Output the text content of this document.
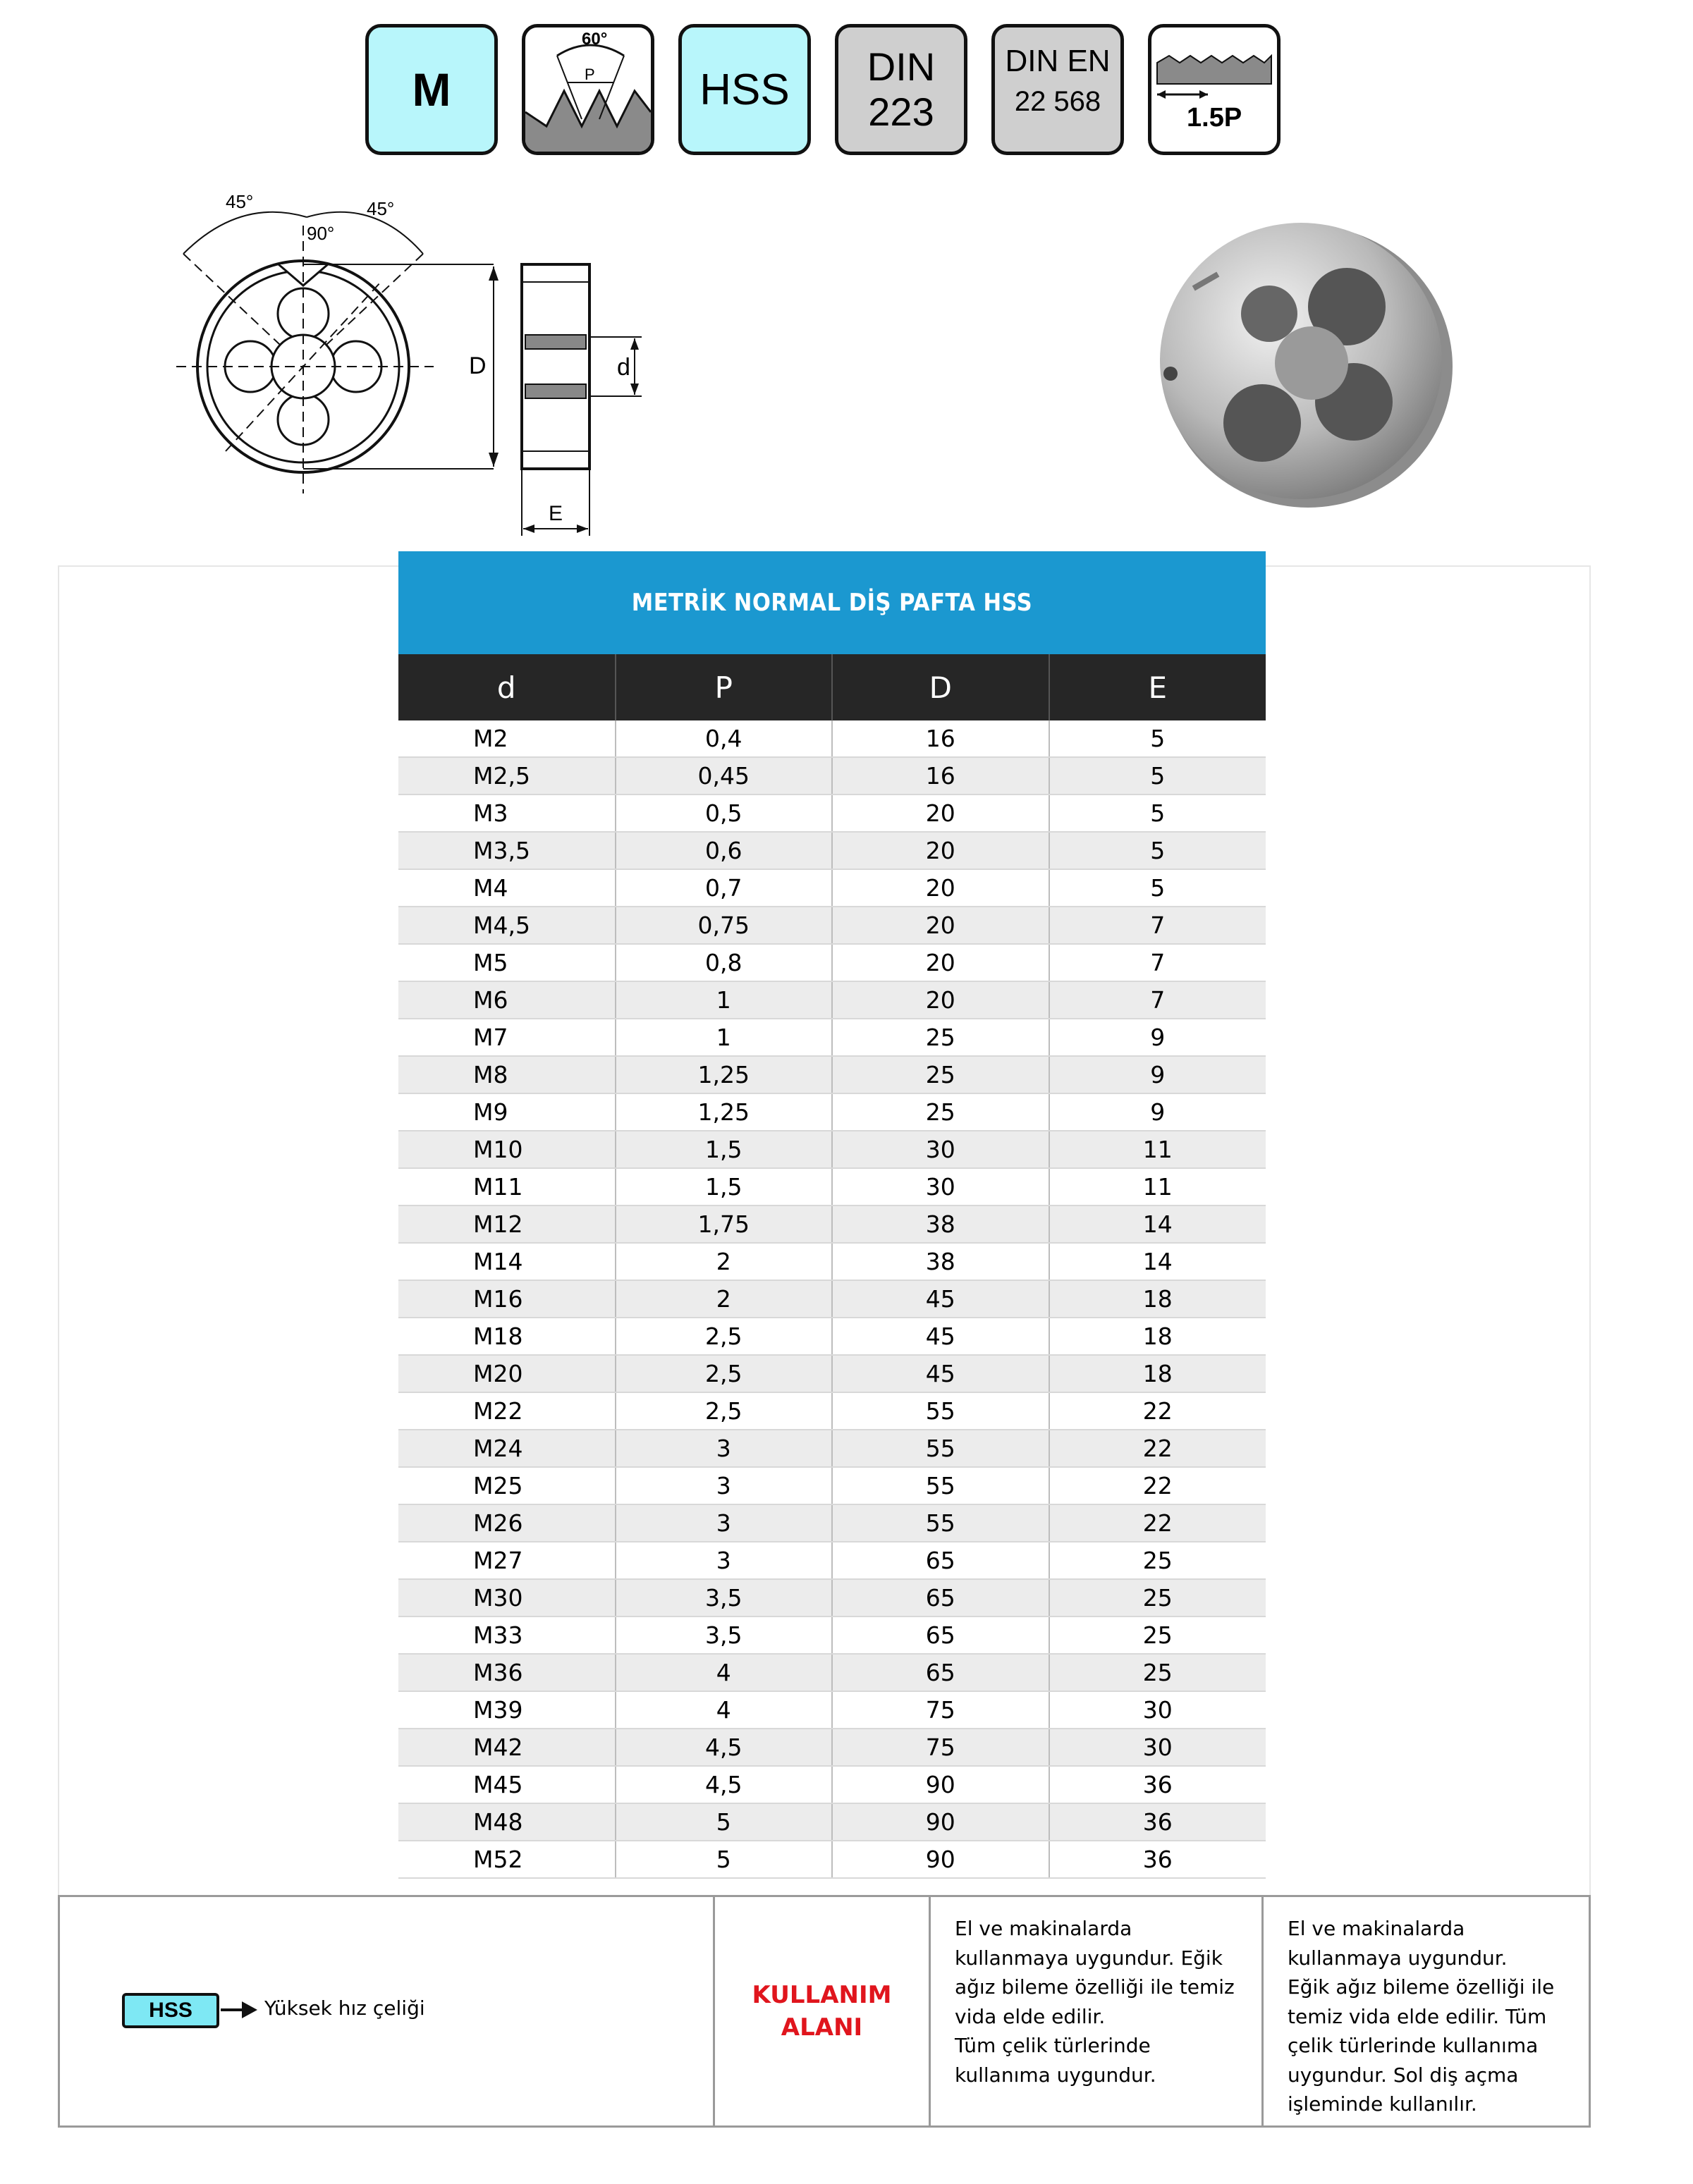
M
60°
P HSS DIN
223
DIN EN
22 568
1.5P
45°	45°
90°
D	d
E
METRİK NORMAL DİŞ PAFTA HSS
d	P	D	E
M2	0,4	16	5
M2,5	0,45	16	5
M3	0,5	20	5
M3,5	0,6	20	5
M4	0,7	20	5
M4,5	0,75	20	7
M5	0,8	20	7
M6	1	20	7
M7	1	25	9
M8	1,25	25	9
M9	1,25	25	9
M10	1,5	30	11
M11	1,5	30	11
M12	1,75	38	14
M14	2	38	14
M16	2	45	18
M18	2,5	45	18
M20	2,5	45	18
M22	2,5	55	22
M24	3	55	22
M25	3	55	22
M26	3	55	22
M27	3	65	25
M30	3,5	65	25
M33	3,5	65	25
M36	4	65	25
M39	4	75	30
M42	4,5	75	30
M45	4,5	90	36
M48	5	90	36
M52	5	90	36
HSS	Yüksek hız çeliği	KULLANIM
ALANI
El ve makinalarda
kullanmaya uygundur. Eğik
ağız bileme özelliği ile temiz
vida elde edilir.
Tüm çelik türlerinde
kullanıma uygundur.
El ve makinalarda
kullanmaya uygundur.
Eğik ağız bileme özelliği ile
temiz vida elde edilir. Tüm
çelik türlerinde kullanıma
uygundur. Sol diş açma
işleminde kullanılır.
